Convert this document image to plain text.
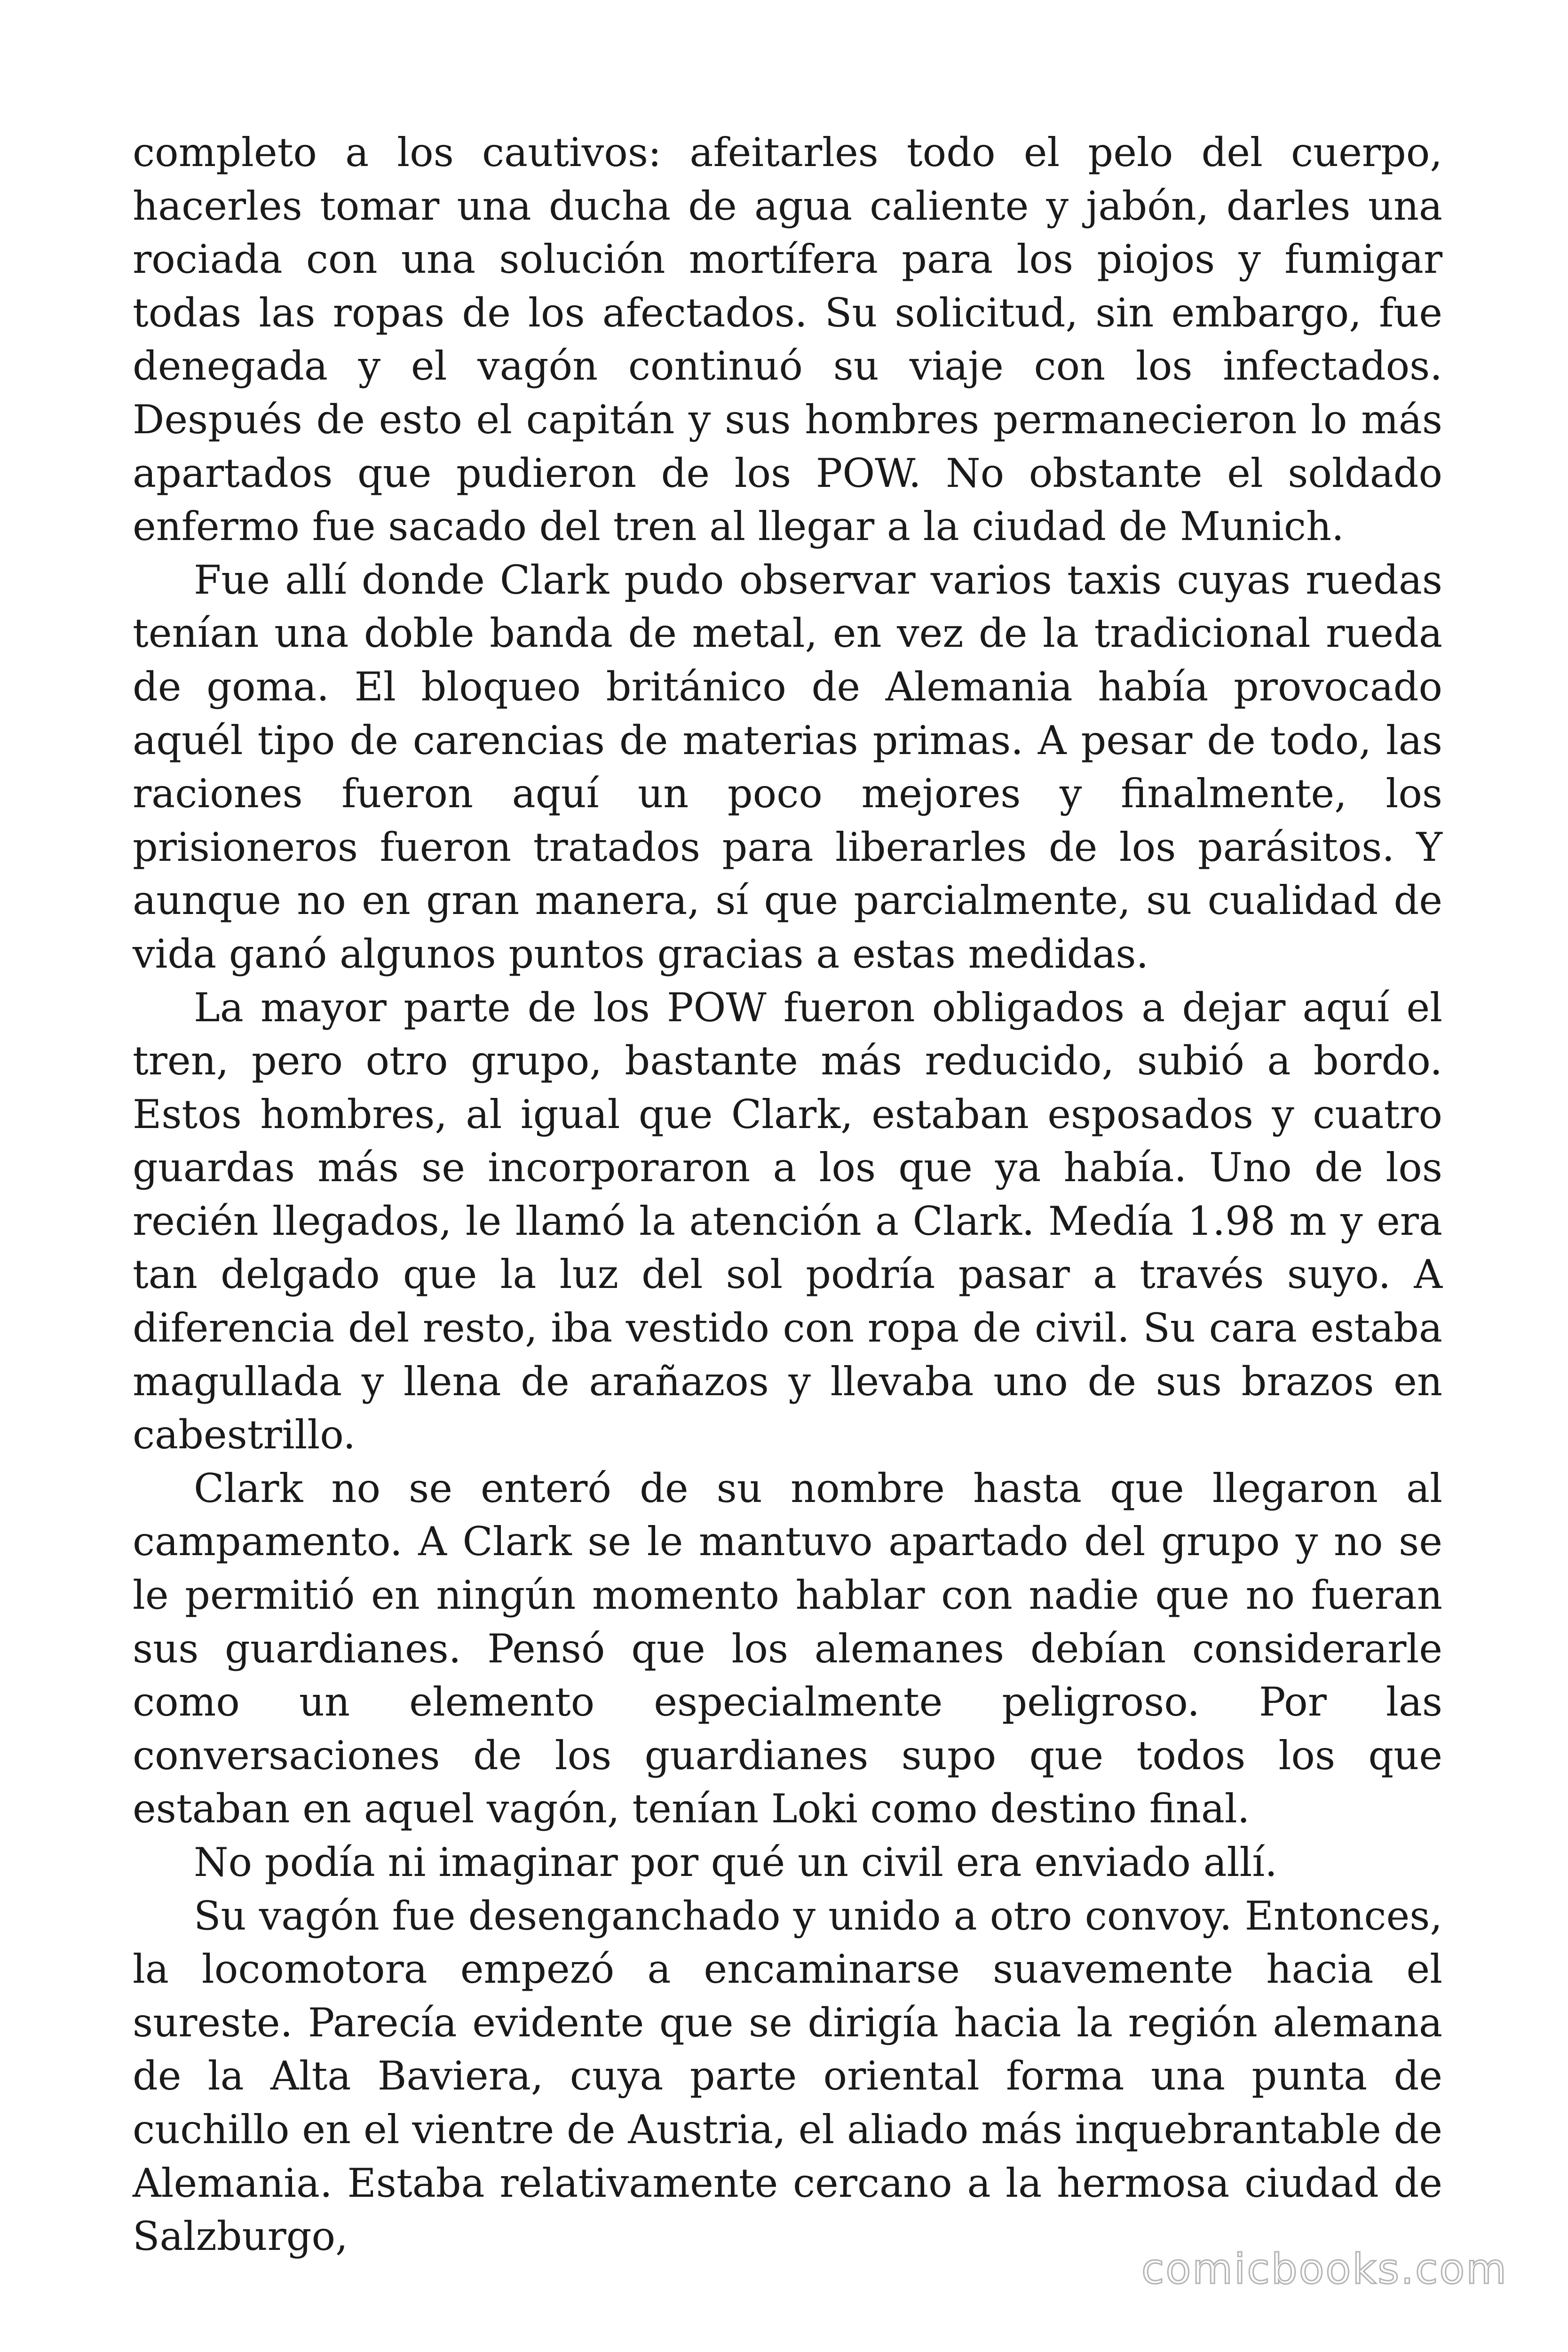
completo a los cautivos: afeitarles todo el pelo del cuerpo, hacerles tomar una ducha de agua caliente y jabón, darles una rociada con una solución mortífera para los piojos y fumigar todas las ropas de los afectados. Su solicitud, sin embargo, fue denegada y el vagón continuó su viaje con los infectados. Después de esto el capitán y sus hombres permanecieron lo más apartados que pudieron de los POW. No obstante el soldado enfermo fue sacado del tren al llegar a la ciudad de Munich.

Fue allí donde Clark pudo observar varios taxis cuyas ruedas tenían una doble banda de metal, en vez de la tradicional rueda de goma. El bloqueo británico de Alemania había provocado aquél tipo de carencias de materias primas. A pesar de todo, las raciones fueron aquí un poco mejores y finalmente, los prisioneros fueron tratados para liberarles de los parásitos. Y aunque no en gran manera, sí que parcialmente, su cualidad de vida ganó algunos puntos gracias a estas medidas.

La mayor parte de los POW fueron obligados a dejar aquí el tren, pero otro grupo, bastante más reducido, subió a bordo. Estos hombres, al igual que Clark, estaban esposados y cuatro guardas más se incorporaron a los que ya había. Uno de los recién llegados, le llamó la atención a Clark. Medía 1.98 m y era tan delgado que la luz del sol podría pasar a través suyo. A diferencia del resto, iba vestido con ropa de civil. Su cara estaba magullada y llena de arañazos y llevaba uno de sus brazos en cabestrillo.

Clark no se enteró de su nombre hasta que llegaron al campamento. A Clark se le mantuvo apartado del grupo y no se le permitió en ningún momento hablar con nadie que no fueran sus guardianes. Pensó que los alemanes debían considerarle como un elemento especialmente peligroso. Por las conversaciones de los guardianes supo que todos los que estaban en aquel vagón, tenían Loki como destino final.

No podía ni imaginar por qué un civil era enviado allí.

Su vagón fue desenganchado y unido a otro convoy. Entonces, la locomotora empezó a encaminarse suavemente hacia el sureste. Parecía evidente que se dirigía hacia la región alemana de la Alta Baviera, cuya parte oriental forma una punta de cuchillo en el vientre de Austria, el aliado más inquebrantable de Alemania. Estaba relativamente cercano a la hermosa ciudad de Salzburgo,

comicbooks.com
